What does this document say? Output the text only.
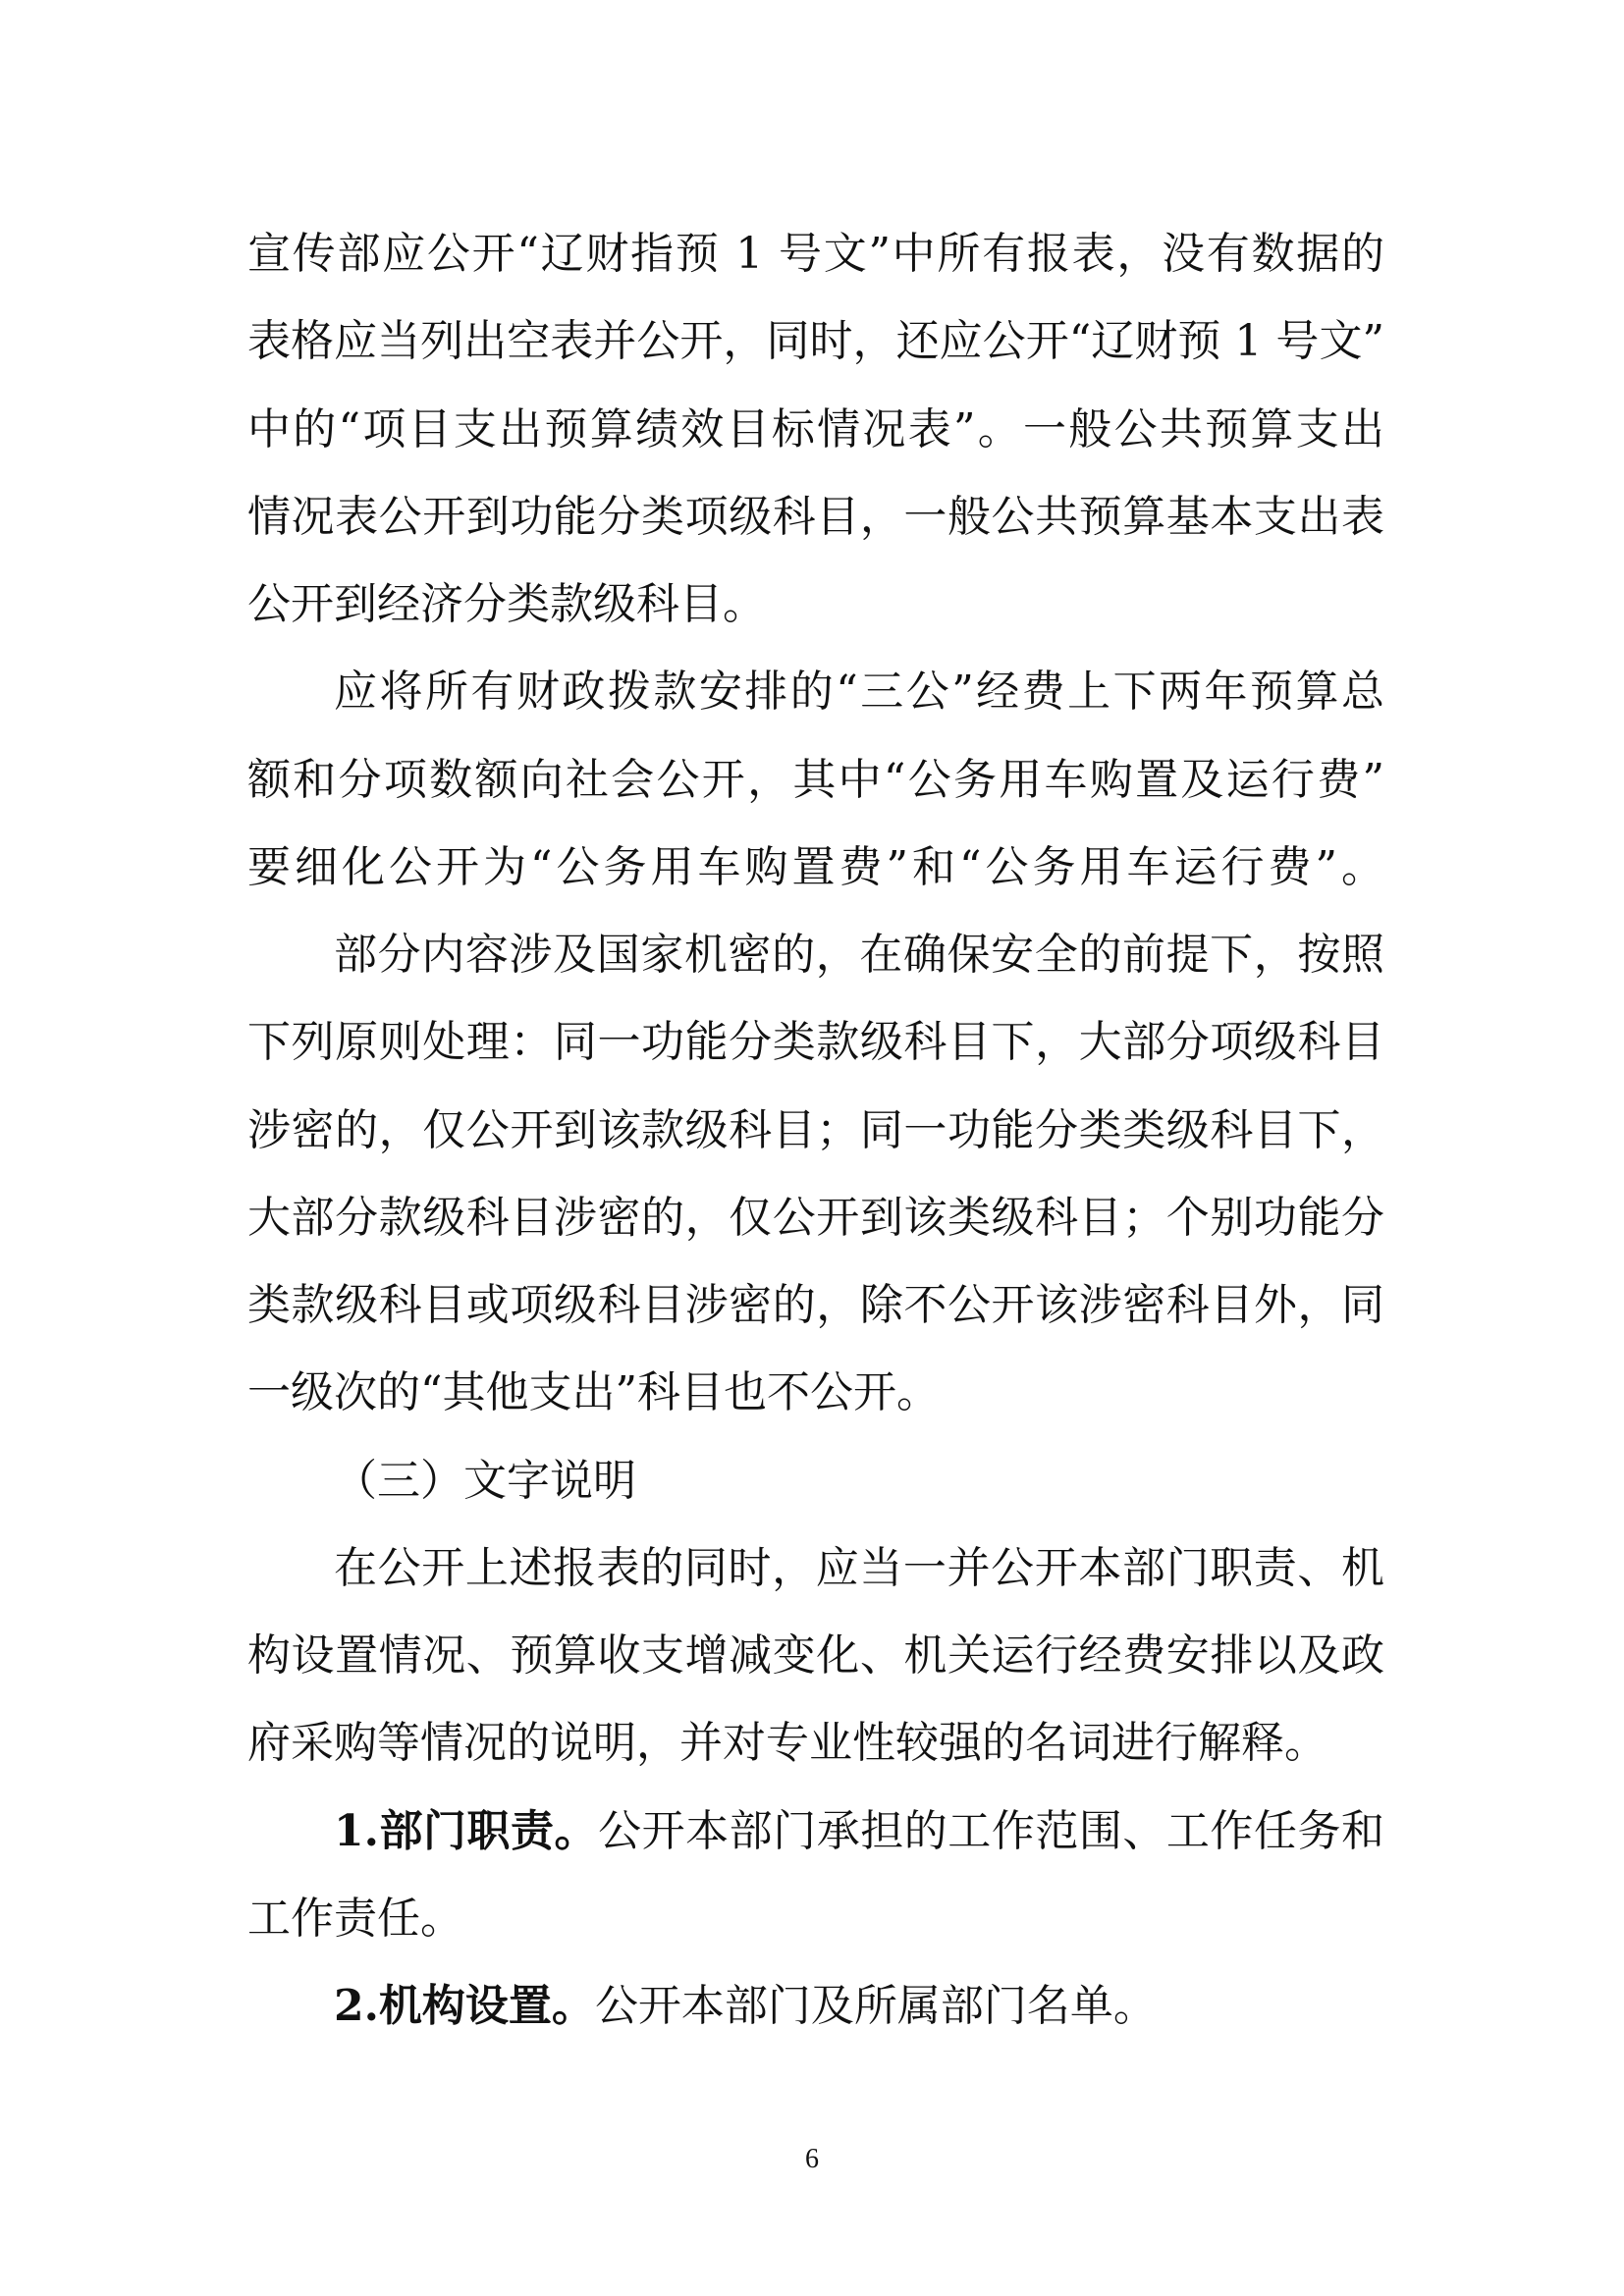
宣传部应公开“辽财指预 1 号文”中所有报表，没有数据的
表格应当列出空表并公开，同时，还应公开“辽财预 1 号文”
中的“项目支出预算绩效目标情况表”。一般公共预算支出
情况表公开到功能分类项级科目，一般公共预算基本支出表
公开到经济分类款级科目。
应将所有财政拨款安排的“三公”经费上下两年预算总
额和分项数额向社会公开，其中“公务用车购置及运行费”
要细化公开为“公务用车购置费”和“公务用车运行费”。
部分内容涉及国家机密的，在确保安全的前提下，按照
下列原则处理：同一功能分类款级科目下，大部分项级科目
涉密的，仅公开到该款级科目；同一功能分类类级科目下，
大部分款级科目涉密的，仅公开到该类级科目；个别功能分
类款级科目或项级科目涉密的，除不公开该涉密科目外，同
一级次的“其他支出”科目也不公开。
（三）文字说明
在公开上述报表的同时，应当一并公开本部门职责、机
构设置情况、预算收支增减变化、机关运行经费安排以及政
府采购等情况的说明，并对专业性较强的名词进行解释。
1.部门职责。公开本部门承担的工作范围、工作任务和
工作责任。
2.机构设置。公开本部门及所属部门名单。
6
